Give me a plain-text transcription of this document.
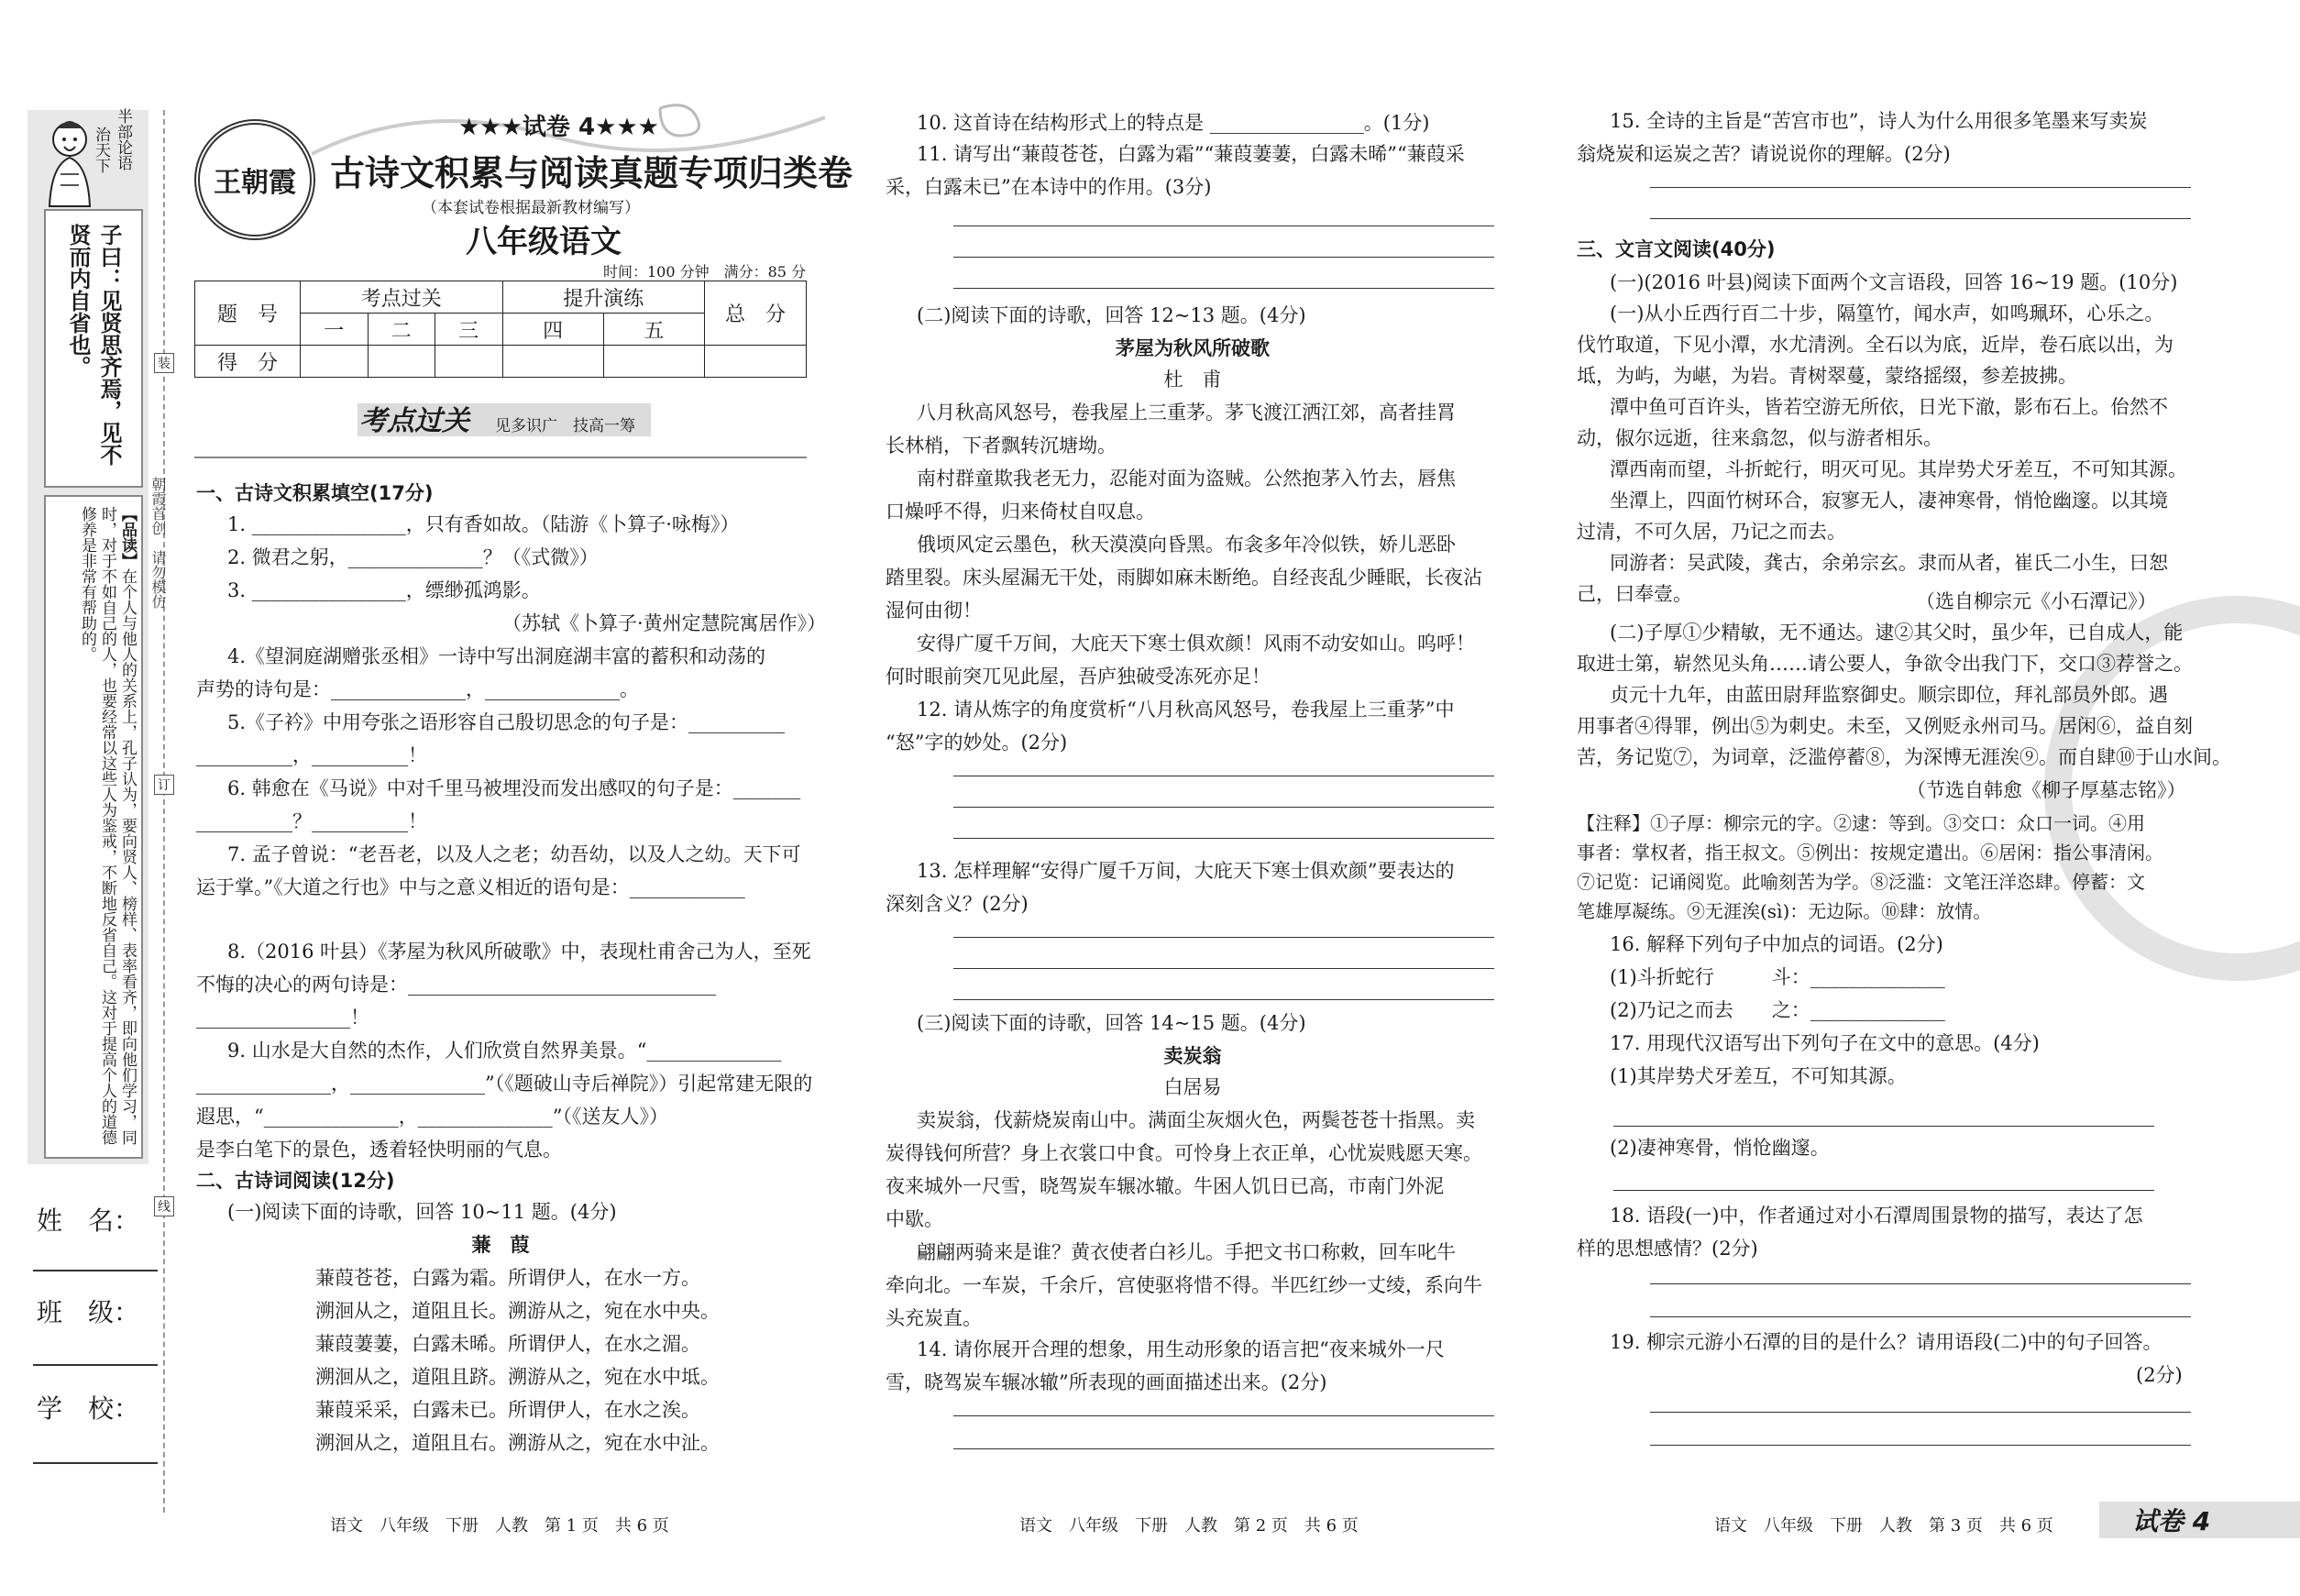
半部论语
治天下
子曰：见贤思齐焉，见不贤而内自省也。
【品读】在个人与他人的关系上，孔子认为，要向贤人、榜样、表率看齐，即向他们学习，同时，对于不如自己的人，也要经常以这些人为鉴戒，不断地反省自己。这对于提高个人的道德修养是非常有帮助的。
装
订
线
朝霞首创　请勿模仿
姓　名：
班　级：
学　校：
王朝霞
★★★试卷 4★★★
古诗文积累与阅读真题专项归类卷
（本套试卷根据最新教材编写）
八年级语文
时间：100 分钟　满分：85 分
题　号	考点过关			提升演练		总　分
	一	二	三	四	五	
得　分						
考点过关 见多识广　技高一筹
一、古诗文积累填空(17分)
1. ________________，只有香如故。（陆游《卜算子·咏梅》）
2. 微君之躬，______________？（《式微》）
3. ________________，缥缈孤鸿影。
（苏轼《卜算子·黄州定慧院寓居作》）
4.《望洞庭湖赠张丞相》一诗中写出洞庭湖丰富的蓄积和动荡的
声势的诗句是：______________，______________。
5.《子衿》中用夸张之语形容自己殷切思念的句子是：__________
__________，__________！
6. 韩愈在《马说》中对千里马被埋没而发出感叹的句子是：_______
__________？__________！
7. 孟子曾说：“老吾老，以及人之老；幼吾幼，以及人之幼。天下可
运于掌。”《大道之行也》中与之意义相近的语句是：____________
8.（2016 叶县）《茅屋为秋风所破歌》中，表现杜甫舍己为人，至死
不悔的决心的两句诗是：________________________________
________________！
9. 山水是大自然的杰作，人们欣赏自然界美景。“______________
______________，______________”（《题破山寺后禅院》）引起常建无限的
遐思，“______________，______________”（《送友人》）
是李白笔下的景色，透着轻快明丽的气息。
二、古诗词阅读(12分)
(一)阅读下面的诗歌，回答 10~11 题。(4分)
蒹　葭
蒹葭苍苍，白露为霜。所谓伊人，在水一方。
溯洄从之，道阻且长。溯游从之，宛在水中央。
蒹葭萋萋，白露未晞。所谓伊人，在水之湄。
溯洄从之，道阻且跻。溯游从之，宛在水中坻。
蒹葭采采，白露未已。所谓伊人，在水之涘。
溯洄从之，道阻且右。溯游从之，宛在水中沚。
语文　八年级　下册　人教　第 1 页　共 6 页
10. 这首诗在结构形式上的特点是 ________________。(1分)
11. 请写出“蒹葭苍苍，白露为霜”“蒹葭萋萋，白露未晞”“蒹葭采
采，白露未已”在本诗中的作用。(3分)
(二)阅读下面的诗歌，回答 12~13 题。(4分)
茅屋为秋风所破歌
杜　甫
八月秋高风怒号，卷我屋上三重茅。茅飞渡江洒江郊，高者挂罥
长林梢，下者飘转沉塘坳。
南村群童欺我老无力，忍能对面为盗贼。公然抱茅入竹去，唇焦
口燥呼不得，归来倚杖自叹息。
俄顷风定云墨色，秋天漠漠向昏黑。布衾多年冷似铁，娇儿恶卧
踏里裂。床头屋漏无干处，雨脚如麻未断绝。自经丧乱少睡眠，长夜沾
湿何由彻！
安得广厦千万间，大庇天下寒士俱欢颜！风雨不动安如山。呜呼！
何时眼前突兀见此屋，吾庐独破受冻死亦足！
12. 请从炼字的角度赏析“八月秋高风怒号，卷我屋上三重茅”中
“怒”字的妙处。(2分)
13. 怎样理解“安得广厦千万间，大庇天下寒士俱欢颜”要表达的
深刻含义？(2分)
(三)阅读下面的诗歌，回答 14~15 题。(4分)
卖炭翁
白居易
卖炭翁，伐薪烧炭南山中。满面尘灰烟火色，两鬓苍苍十指黑。卖
炭得钱何所营？身上衣裳口中食。可怜身上衣正单，心忧炭贱愿天寒。
夜来城外一尺雪，晓驾炭车辗冰辙。牛困人饥日已高，市南门外泥
中歇。
翩翩两骑来是谁？黄衣使者白衫儿。手把文书口称敕，回车叱牛
牵向北。一车炭，千余斤，宫使驱将惜不得。半匹红纱一丈绫，系向牛
头充炭直。
14. 请你展开合理的想象，用生动形象的语言把“夜来城外一尺
雪，晓驾炭车辗冰辙”所表现的画面描述出来。(2分)
语文　八年级　下册　人教　第 2 页　共 6 页
15. 全诗的主旨是“苦宫市也”，诗人为什么用很多笔墨来写卖炭
翁烧炭和运炭之苦？请说说你的理解。(2分)
三、文言文阅读(40分)
(一)(2016 叶县)阅读下面两个文言语段，回答 16~19 题。(10分)
(一)从小丘西行百二十步，隔篁竹，闻水声，如鸣珮环，心乐之。
伐竹取道，下见小潭，水尤清洌。全石以为底，近岸，卷石底以出，为
坻，为屿，为嵁，为岩。青树翠蔓，蒙络摇缀，参差披拂。
潭中鱼可百许头，皆若空游无所依，日光下澈，影布石上。佁然不
动，俶尔远逝，往来翕忽，似与游者相乐。
潭西南而望，斗折蛇行，明灭可见。其岸势犬牙差互，不可知其源。
坐潭上，四面竹树环合，寂寥无人，凄神寒骨，悄怆幽邃。以其境
过清，不可久居，乃记之而去。
同游者：吴武陵，龚古，余弟宗玄。隶而从者，崔氏二小生，曰恕
己，曰奉壹。	（选自柳宗元《小石潭记》）
(二)子厚①少精敏，无不通达。逮②其父时，虽少年，已自成人，能
取进士第，崭然见头角……请公要人，争欲令出我门下，交口③荐誉之。
贞元十九年，由蓝田尉拜监察御史。顺宗即位，拜礼部员外郎。遇
用事者④得罪，例出⑤为刺史。未至，又例贬永州司马。居闲⑥，益自刻
苦，务记览⑦，为词章，泛滥停蓄⑧，为深博无涯涘⑨。而自肆⑩于山水间。
（节选自韩愈《柳子厚墓志铭》）
【注释】①子厚：柳宗元的字。②逮：等到。③交口：众口一词。④用
事者：掌权者，指王叔文。⑤例出：按规定遣出。⑥居闲：指公事清闲。
⑦记览：记诵阅览。此喻刻苦为学。⑧泛滥：文笔汪洋恣肆。停蓄：文
笔雄厚凝练。⑨无涯涘(sì)：无边际。⑩肆：放情。
16. 解释下列句子中加点的词语。(2分)
(1)斗折蛇行　　　斗：______________
(2)乃记之而去　　之：______________
17. 用现代汉语写出下列句子在文中的意思。(4分)
(1)其岸势犬牙差互，不可知其源。
(2)凄神寒骨，悄怆幽邃。
18. 语段(一)中，作者通过对小石潭周围景物的描写，表达了怎
样的思想感情？(2分)
19. 柳宗元游小石潭的目的是什么？请用语段(二)中的句子回答。
(2分)
语文　八年级　下册　人教　第 3 页　共 6 页	试卷 4
